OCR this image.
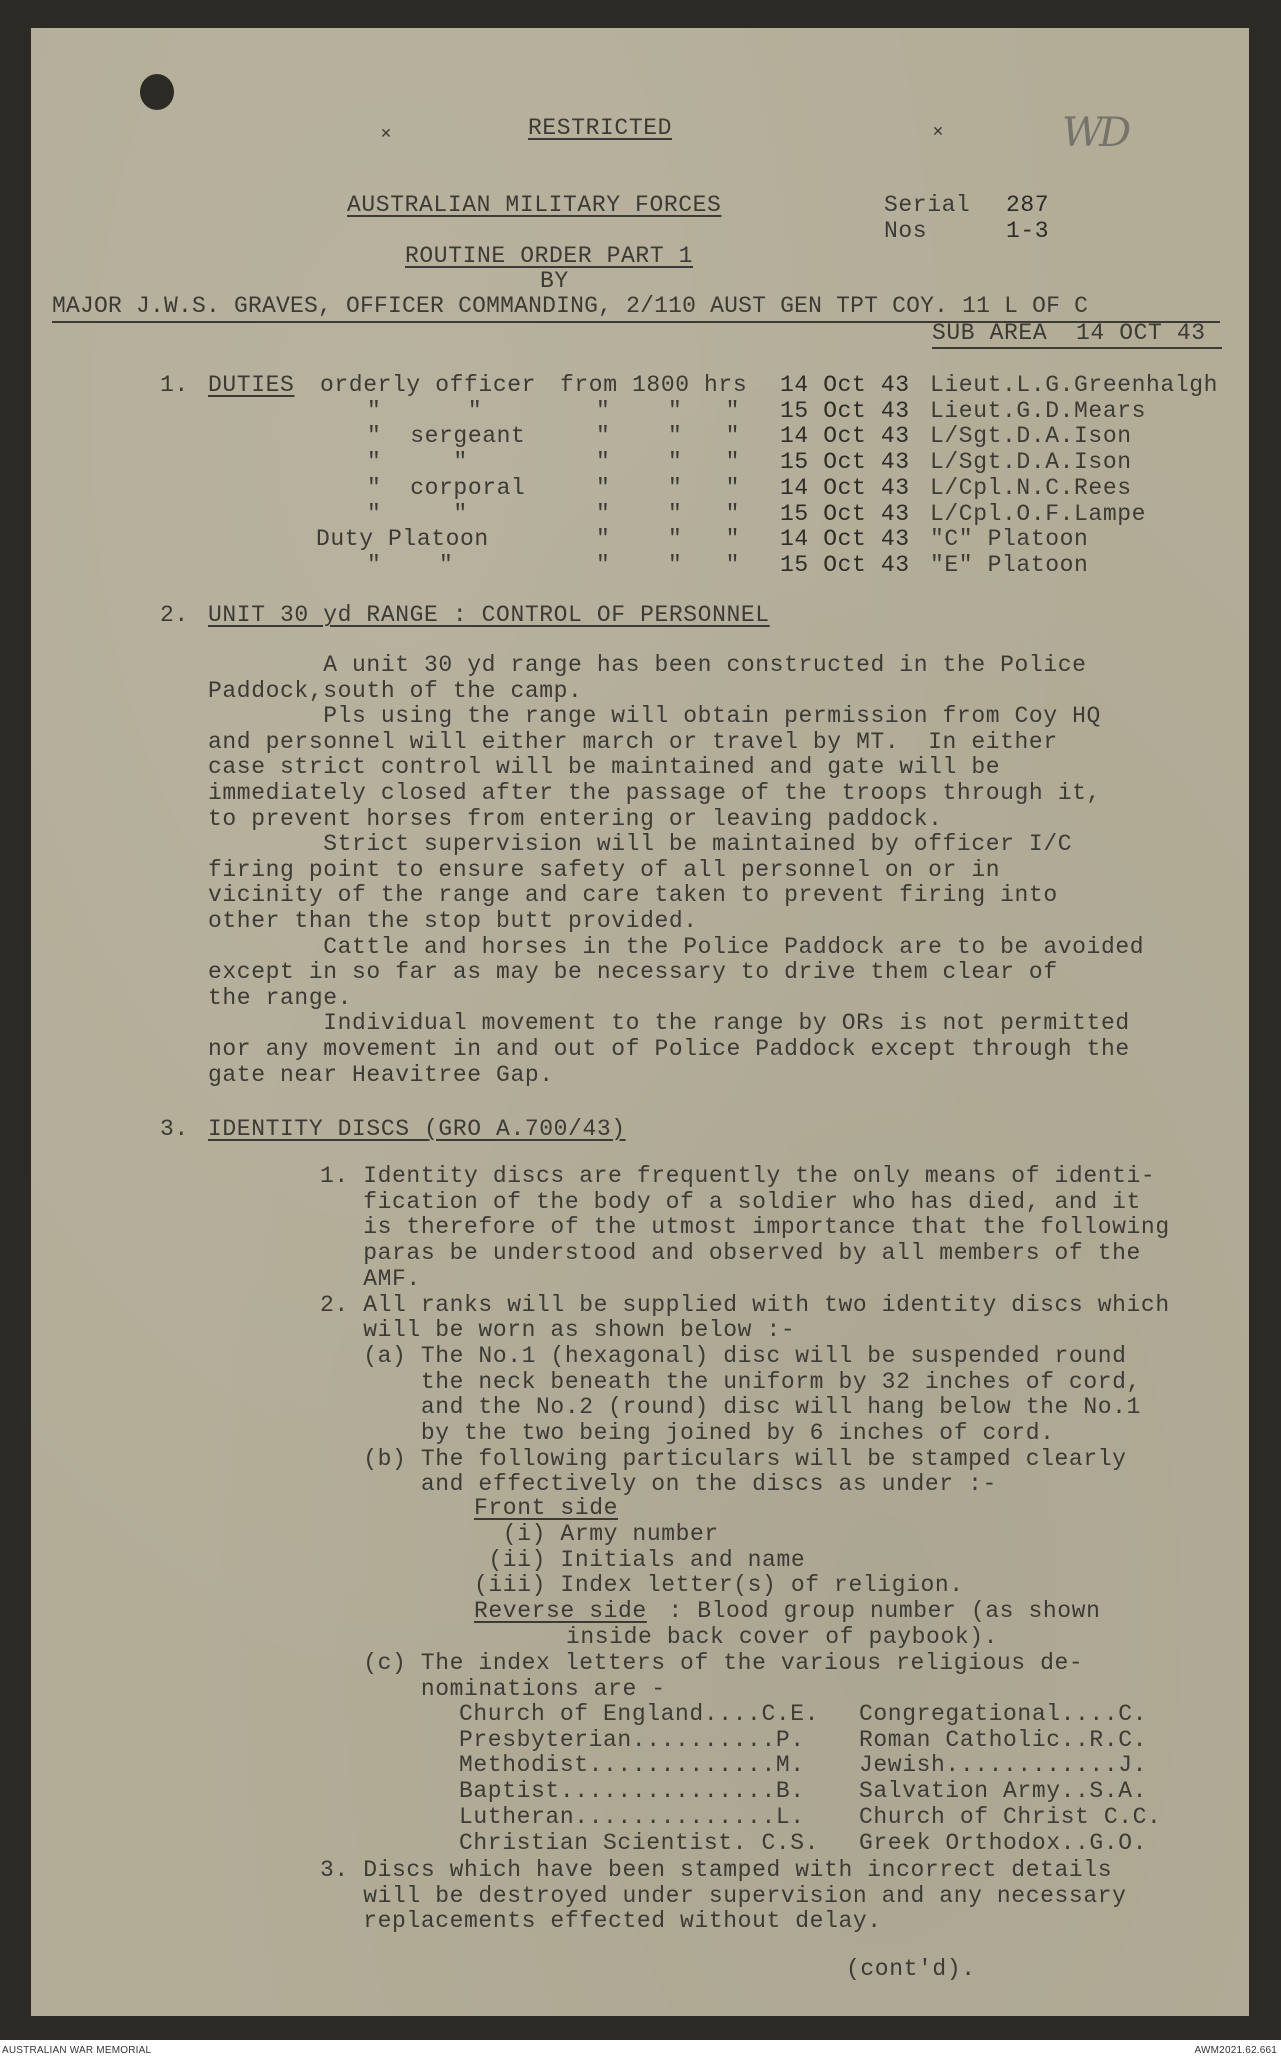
✕	✕
RESTRICTED	WD
AUSTRALIAN MILITARY FORCES	Serial 287
Nos	1-3
ROUTINE ORDER PART 1
BY
MAJOR J.W.S. GRAVES, OFFICER COMMANDING, 2/110 AUST GEN TPT COY. 11 L OF C
SUB AREA  14 OCT 43
1. DUTIES orderly officer from 1800 hrs 14 Oct 43 Lieut.L.G.Greenhalgh
"      "	"    "   " 15 Oct 43 Lieut.G.D.Mears
"  sergeant	"    "   " 14 Oct 43 L/Sgt.D.A.Ison
"     "	"    "   " 15 Oct 43 L/Sgt.D.A.Ison
"  corporal	"    "   " 14 Oct 43 L/Cpl.N.C.Rees
"     "	"    "   " 15 Oct 43 L/Cpl.O.F.Lampe
Duty Platoon	"    "   " 14 Oct 43 "C" Platoon
"    "	"    "   " 15 Oct 43 "E" Platoon
2. UNIT 30 yd RANGE : CONTROL OF PERSONNEL
A unit 30 yd range has been constructed in the Police
Paddock,south of the camp.
Pls using the range will obtain permission from Coy HQ
and personnel will either march or travel by MT.  In either
case strict control will be maintained and gate will be
immediately closed after the passage of the troops through it,
to prevent horses from entering or leaving paddock.
Strict supervision will be maintained by officer I/C
firing point to ensure safety of all personnel on or in
vicinity of the range and care taken to prevent firing into
other than the stop butt provided.
Cattle and horses in the Police Paddock are to be avoided
except in so far as may be necessary to drive them clear of
the range.
Individual movement to the range by ORs is not permitted
nor any movement in and out of Police Paddock except through the
gate near Heavitree Gap.
3. IDENTITY DISCS (GRO A.700/43)
1. Identity discs are frequently the only means of identi-
fication of the body of a soldier who has died, and it
is therefore of the utmost importance that the following
paras be understood and observed by all members of the
AMF.
2. All ranks will be supplied with two identity discs which
will be worn as shown below :-
(a) The No.1 (hexagonal) disc will be suspended round
the neck beneath the uniform by 32 inches of cord,
and the No.2 (round) disc will hang below the No.1
by the two being joined by 6 inches of cord.
(b) The following particulars will be stamped clearly
and effectively on the discs as under :-
Front side
(i) Army number
(ii) Initials and name
(iii) Index letter(s) of religion.
Reverse side : Blood group number (as shown
inside back cover of paybook).
(c) The index letters of the various religious de-
nominations are -
Church of England....C.E. Congregational....C.
Presbyterian..........P. Roman Catholic..R.C.
Methodist.............M. Jewish............J.
Baptist...............B. Salvation Army..S.A.
Lutheran..............L. Church of Christ C.C.
Christian Scientist. C.S. Greek Orthodox..G.O.
3. Discs which have been stamped with incorrect details
will be destroyed under supervision and any necessary
replacements effected without delay.
(cont'd).
AUSTRALIAN WAR MEMORIAL	AWM2021.62.661
